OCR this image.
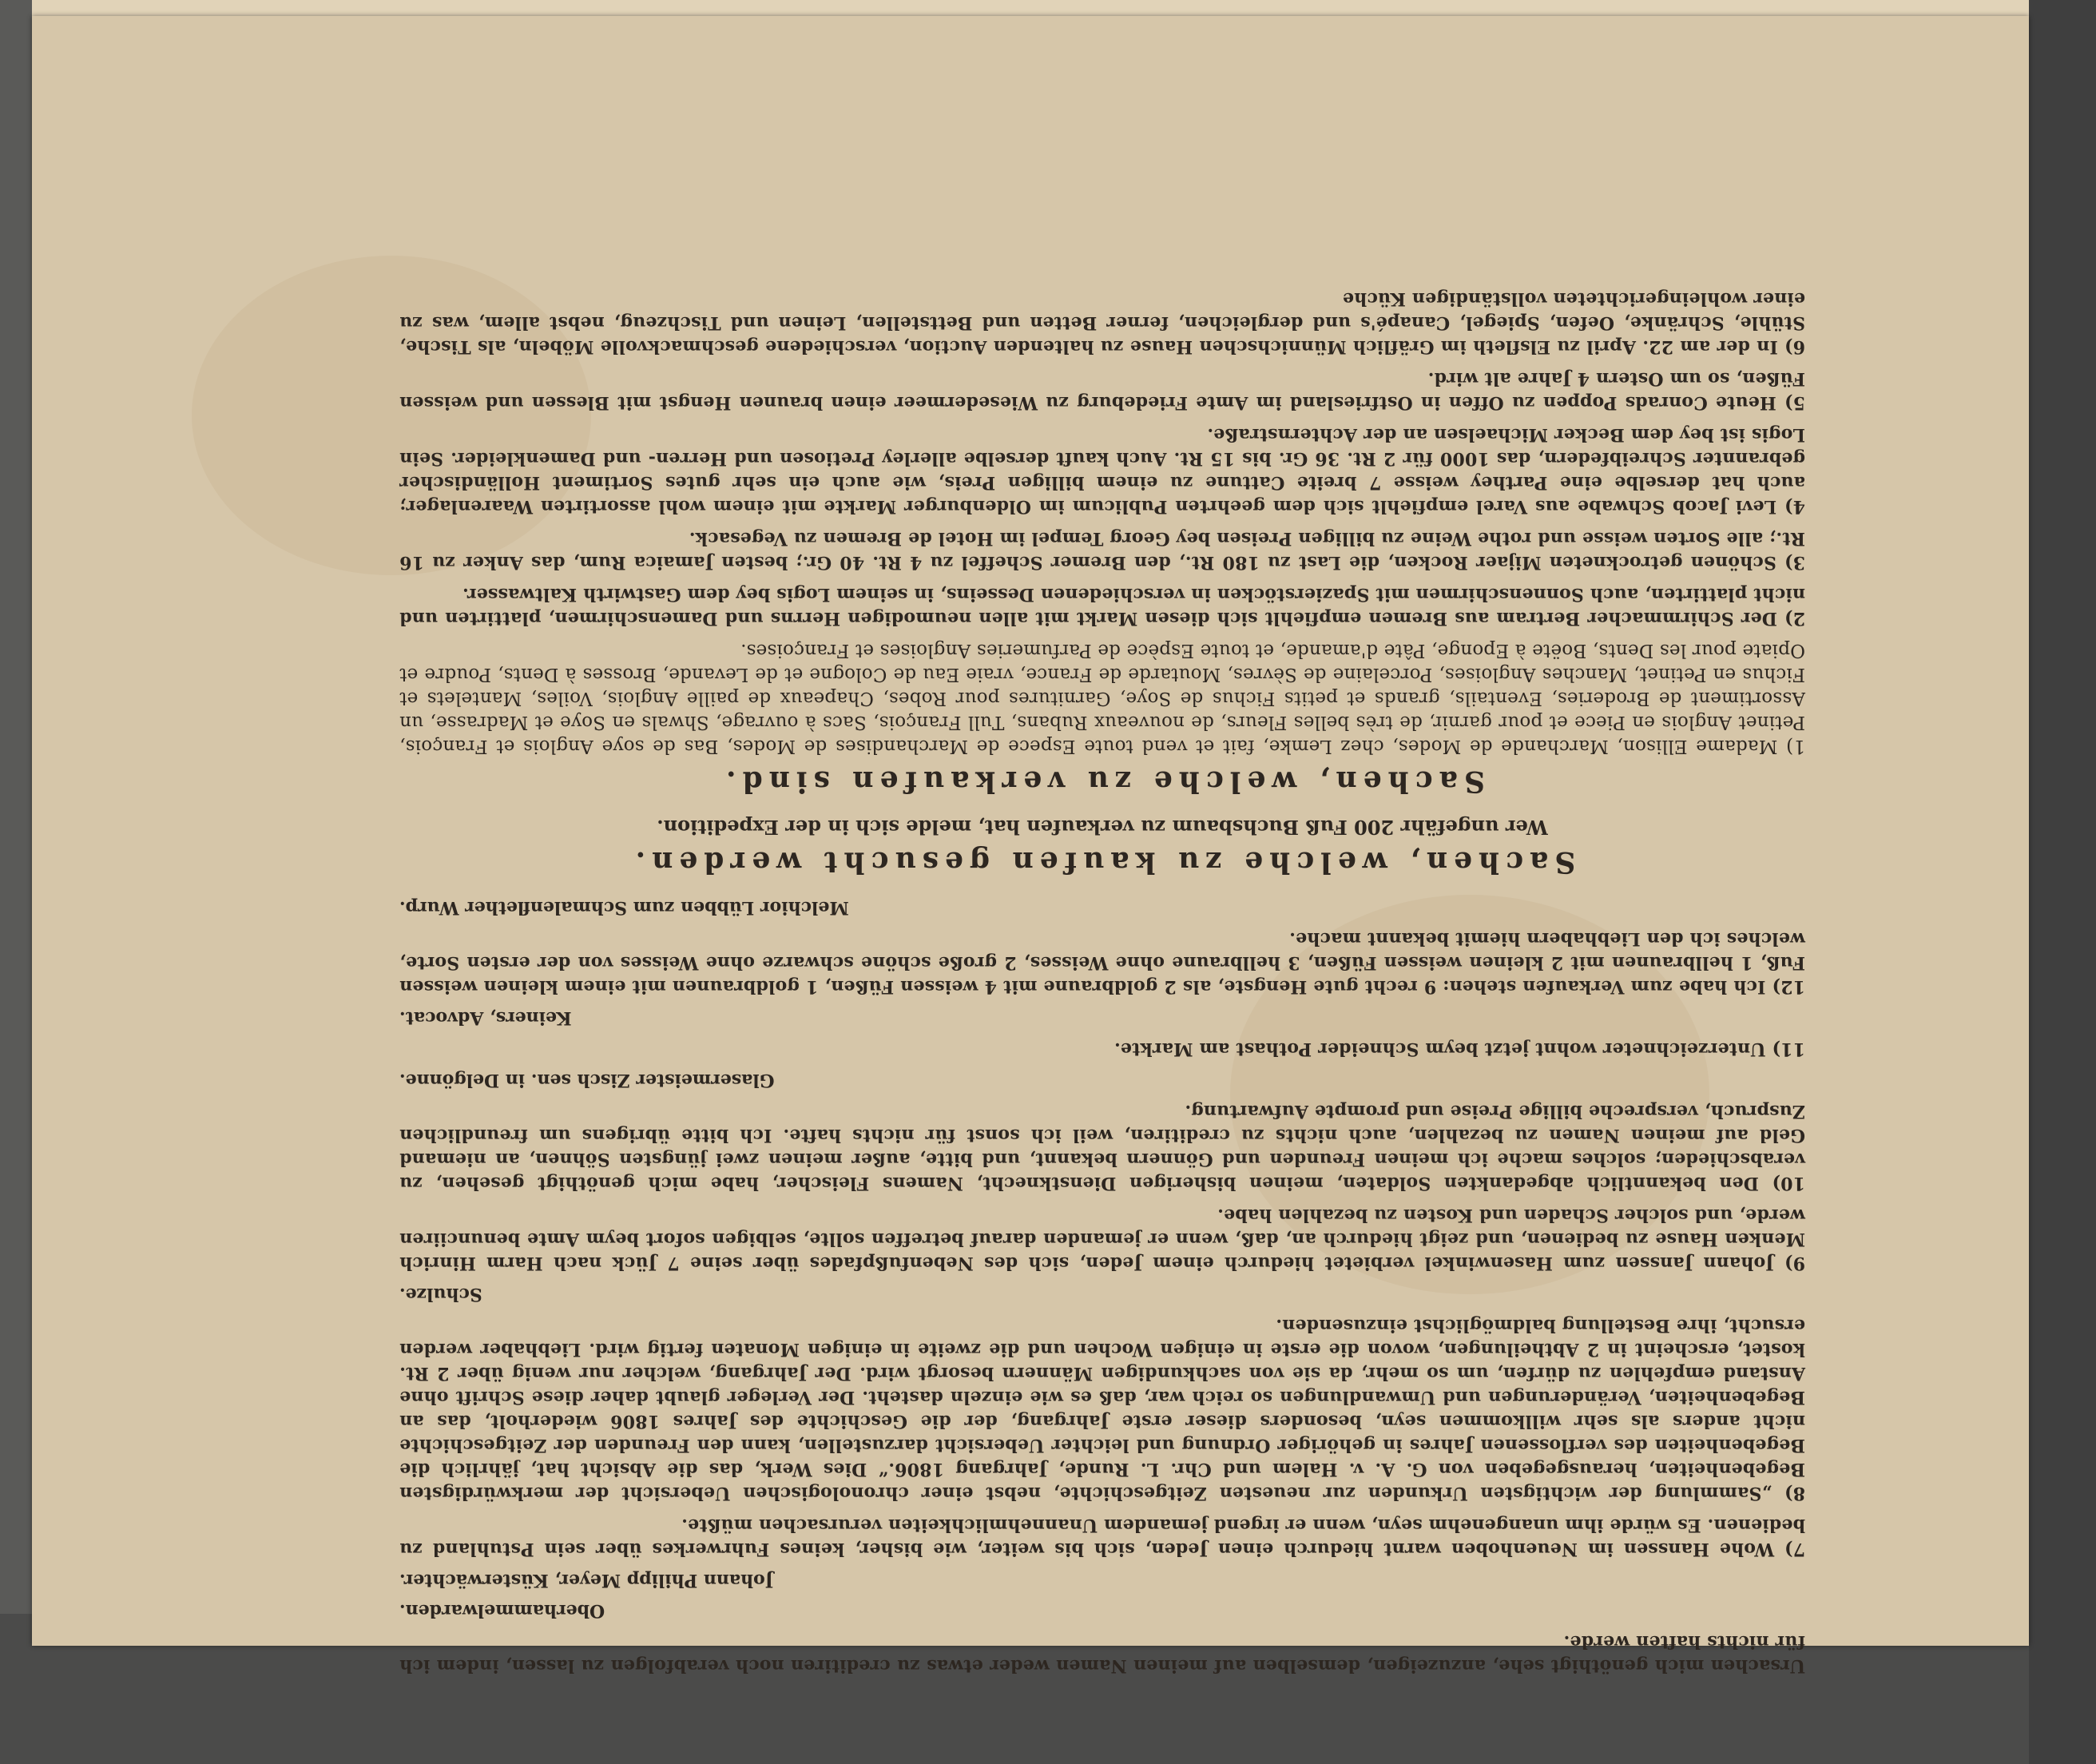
Ursachen mich genöthigt sehe, anzuzeigen, demselben auf meinen Namen weder etwas zu creditiren noch verabfolgen zu lassen, indem ich für nichts haften werde.

Oberhammelwarden.
Johann Philipp Meyer, Küsterwächter.

7) Wohe Hanssen im Neuenhoben warnt hiedurch einen Jeden, sich bis weiter, wie bisher, keines Fuhrwerkes über sein Pstuhland zu bedienen. Es würde ihm unangenehm seyn, wenn er irgend jemandem Unannehmlichkeiten verursachen müßte.

8) „Sammlung der wichtigsten Urkunden zur neuesten Zeitgeschichte, nebst einer chronologischen Uebersicht der merkwürdigsten Begebenheiten, herausgegeben von G. A. v. Halem und Chr. L. Runde, Jahrgang 1806.“ Dies Werk, das die Absicht hat, jährlich die Begebenheiten des verflossenen Jahres in gehöriger Ordnung und leichter Uebersicht darzustellen, kann den Freunden der Zeitgeschichte nicht anders als sehr willkommen seyn, besonders dieser erste Jahrgang, der die Geschichte des Jahres 1806 wiederholt, das an Begebenheiten, Veränderungen und Umwandlungen so reich war, daß es wie einzeln dasteht. Der Verleger glaubt daher diese Schrift ohne Anstand empfehlen zu dürfen, um so mehr, da sie von sachkundigen Männern besorgt wird. Der Jahrgang, welcher nur wenig über 2 Rt. kostet, erscheint in 2 Abtheilungen, wovon die erste in einigen Wochen und die zweite in einigen Monaten fertig wird. Liebhaber werden ersucht, ihre Bestellung baldmöglichst einzusenden.

Schulze.

9) Johann Janssen zum Hasenwinkel verbietet hiedurch einem Jeden, sich des Nebenfußpfades über seine 7 Jück nach Harm Hinrich Menken Hause zu bedienen, und zeigt hiedurch an, daß, wenn er jemanden darauf betreffen sollte, selbigen sofort beym Amte benunciiren werde, und solcher Schaden und Kosten zu bezahlen habe.

10) Den bekanntlich abgedankten Soldaten, meinen bisherigen Dienstknecht, Namens Fleischer, habe mich genöthigt gesehen, zu verabschieden; solches mache ich meinen Freunden und Gönnern bekannt, und bitte, außer meinen zwei jüngsten Söhnen, an niemand Geld auf meinen Namen zu bezahlen, auch nichts zu creditiren, weil ich sonst für nichts hafte. Ich bitte übrigens um freundlichen Zuspruch, verspreche billige Preise und prompte Aufwartung.

Glasermeister Zisch sen. in Delgönne.

11) Unterzeichneter wohnt jetzt beym Schneider Pothast am Markte.

Keiners, Advocat.

12) Ich habe zum Verkaufen stehen: 9 recht gute Hengste, als 2 goldbraune mit 4 weissen Füßen, 1 goldbraunen mit einem kleinen weissen Fuß, 1 hellbraunen mit 2 kleinen weissen Füßen, 3 hellbraune ohne Weisses, 2 große schöne schwarze ohne Weisses von der ersten Sorte, welches ich den Liebhabern hiemit bekannt mache.

Melchior Lübben zum Schmalenflether Wurp.
Sachen, welche zu kaufen gesucht werden.
Wer ungefähr 200 Fuß Buchsbaum zu verkaufen hat, melde sich in der Expedition.
Sachen, welche zu verkaufen sind.

1) Madame Ellison, Marchande de Modes, chez Lemke, fait et vend toute Espece de Marchandises de Modes, Bas de soye Anglois et François, Petinet Anglois en Piece et pour garnir, de très belles Fleurs, de nouveaux Rubans, Tull François, Sacs à ouvrage, Shwals en Soye et Madrasse, un Assortiment de Broderies, Eventails, grands et petits Fichus de Soye, Garnitures pour Robes, Chapeaux de paille Anglois, Voiles, Mantelets et Fichus en Petinet, Manches Angloises, Porcelaine de Sèvres, Moutarde de France, vraie Eau de Cologne et de Levande, Brosses à Dents, Poudre et Opiate pour les Dents, Boëte à Eponge, Pâte d'amande, et toute Espèce de Parfumeries Angloises et Françoises.

2) Der Schirmmacher Bertram aus Bremen empfiehlt sich diesen Markt mit allen neumodigen Herrns und Damenschirmen, plattirten und nicht plattirten, auch Sonnenschirmen mit Spazierstöcken in verschiedenen Desseins, in seinem Logis bey dem Gastwirth Kaltwasser.

3) Schönen getrockneten Mijaer Rocken, die Last zu 180 Rt., den Bremer Scheffel zu 4 Rt. 40 Gr.; besten Jamaica Rum, das Anker zu 16 Rt.; alle Sorten weisse und rothe Weine zu billigen Preisen bey Georg Tempel im Hotel de Bremen zu Vegesack.

4) Levi Jacob Schwabe aus Varel empfiehlt sich dem geehrten Publicum im Oldenburger Markte mit einem wohl assortirten Waarenlager; auch hat derselbe eine Parthey weisse 7 breite Cattune zu einem billigen Preis, wie auch ein sehr gutes Sortiment Holländischer gebrannter Schreibfedern, das 1000 für 2 Rt. 36 Gr. bis 15 Rt. Auch kauft derselbe allerley Pretiosen und Herren- und Damenkleider. Sein Logis ist bey dem Becker Michaelsen an der Achternstraße.

5) Heute Conrads Poppen zu Offen in Ostfriesland im Amte Friedeburg zu Wiesedermeer einen braunen Hengst mit Blessen und weissen Füßen, so um Ostern 4 Jahre alt wird.

6) In der am 22. April zu Elsfleth im Gräflich Münnichschen Hause zu haltenden Auction, verschiedene geschmackvolle Möbeln, als Tische, Stühle, Schränke, Oefen, Spiegel, Canapé's und dergleichen, ferner Betten und Bettstellen, Leinen und Tischzeug, nebst allem, was zu einer wohleingerichteten vollständigen Küche
